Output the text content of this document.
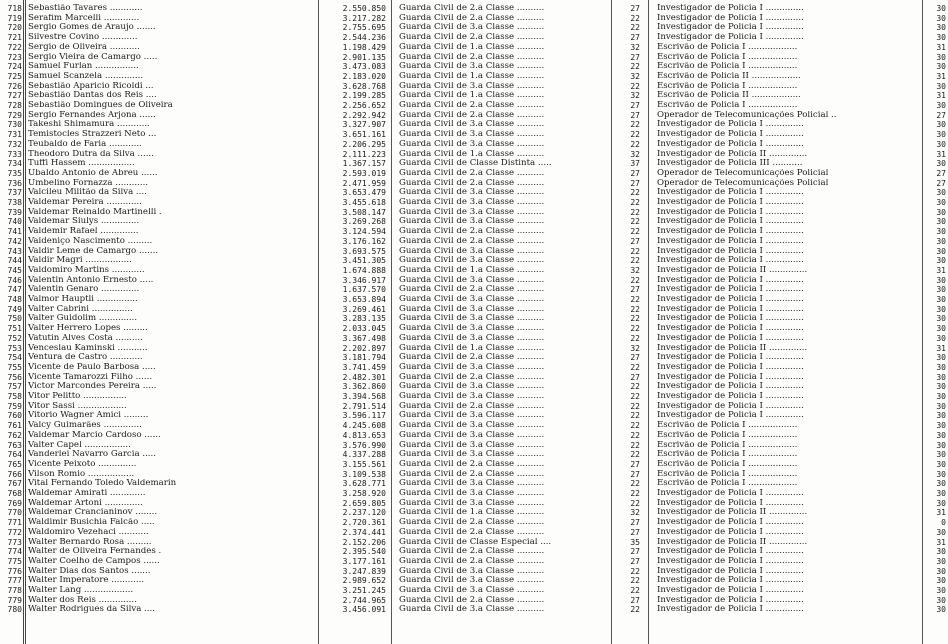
718 Sebastião Tavares ............	2.550.850 Guarda Civil de 2.a Classe ..........	27 Investigador de Polícia I ..............	30
719 Serafim Marcelli .............	3.217.282 Guarda Civil de 2.a Classe ..........	22 Investigador de Polícia I ..............	30
720 Sergio Gomes de Araujo .......	2.755.695 Guarda Civil de 3.a Classe ..........	22 Investigador de Polícia I ..............	30
721 Silvestre Covino .............	2.544.236 Guarda Civil de 2.a Classe ..........	27 Investigador de Polícia I ..............	30
722 Sergio de Oliveira ...........	1.198.429 Guarda Civil de 1.a Classe ..........	32 Escrivão de Polícia I ..................	31
723 Sergio Vieira de Camargo .....	2.901.135 Guarda Civil de 2.a Classe ..........	27 Escrivão de Polícia I ..................	30
724 Samuel Furlan ................	3.473.083 Guarda Civil de 3.a Classe ..........	22 Escrivão de Polícia I ..................	30
725 Samuel Scanzela ..............	2.183.020 Guarda Civil de 1.a Classe ..........	32 Escrivão de Polícia II ..................	31
726 Sebastião Aparicio Ricoldi ...	3.628.768 Guarda Civil de 3.a Classe ..........	22 Escrivão de Polícia I ..................	30
727 Sebastião Dantas dos Reis ....	2.199.285 Guarda Civil de 1.a Classe ..........	32 Escrivão de Polícia II ..................	31
728 Sebastião Domingues de Oliveira	2.256.652 Guarda Civil de 2.a Classe ..........	27 Escrivão de Polícia I ..................	30
729 Sergio Fernandes Arjona ......	2.292.942 Guarda Civil de 2.a Classe ..........	27 Operador de Telecomunicações Policial ..	27
730 Takeshi Shimamura ............	3.327.907 Guarda Civil de 3.a Classe ..........	22 Investigador de Polícia I ..............	30
731 Temistocles Strazzeri Neto ...	3.651.161 Guarda Civil de 3.a Classe ..........	22 Investigador de Polícia I ..............	30
732 Teubaldo de Faria ............	2.206.295 Guarda Civil de 3.a Classe ..........	22 Investigador de Polícia I ..............	30
733 Theodoro Dutra da Silva ......	2.111.223 Guarda Civil de 1.a Classe ..........	32 Investigador de Polícia II ..............	31
734 Tuffi Hassem .................	1.367.157 Guarda Civil de Classe Distinta .....	37 Investigador de Polícia III ...........	30
735 Ubaldo Antonio de Abreu ......	2.593.019 Guarda Civil de 2.a Classe ..........	27 Operador de Telecomunicações Policial	27
736 Umbelino Fornazza ............	2.471.959 Guarda Civil de 2.a Classe ..........	27 Operador de Telecomunicações Policial	27
737 Valcileu Militão da Silva ....	3.653.479 Guarda Civil de 3.a Classe ..........	22 Investigador de Polícia I ..............	30
738 Valdemar Pereira .............	3.455.618 Guarda Civil de 3.a Classe ..........	22 Investigador de Polícia I ..............	30
739 Valdemar Reinaldo Martinelli .	3.508.147 Guarda Civil de 3.a Classe ..........	22 Investigador de Polícia I ..............	30
740 Valdemar Siulys ..............	3.269.268 Guarda Civil de 3.a Classe ..........	22 Investigador de Polícia I ..............	30
741 Valdemir Rafael ..............	3.124.594 Guarda Civil de 2.a Classe ..........	22 Investigador de Polícia I ..............	30
742 Valdeniço Nascimento .........	3.176.162 Guarda Civil de 2.a Classe ..........	27 Investigador de Polícia I ..............	30
743 Valdir Leme de Camargo .......	3.693.575 Guarda Civil de 3.a Classe ..........	22 Investigador de Polícia I ..............	30
744 Valdir Magri .................	3.451.305 Guarda Civil de 3.a Classe ..........	22 Investigador de Polícia I ..............	30
745 Valdomiro Martins ............	1.674.888 Guarda Civil de 1.a Classe ..........	32 Investigador de Polícia II ..............	31
746 Valentin Antonio Ernesto .....	3.346.917 Guarda Civil de 3.a Classe ..........	22 Investigador de Polícia I ..............	30
747 Valentin Genaro ..............	1.637.570 Guarda Civil de 2.a Classe ..........	27 Investigador de Polícia I ..............	30
748 Valmor Hauptli ...............	3.653.894 Guarda Civil de 3.a Classe ..........	22 Investigador de Polícia I ..............	30
749 Valter Cabrini ...............	3.269.461 Guarda Civil de 3.a Classe ..........	22 Investigador de Polícia I ..............	30
750 Valter Guidolim ..............	3.283.135 Guarda Civil de 3.a Classe ..........	22 Investigador de Polícia I ..............	30
751 Valter Herrero Lopes .........	2.033.045 Guarda Civil de 3.a Classe ..........	22 Investigador de Polícia I ..............	30
752 Vatutin Alves Costa ..........	3.367.498 Guarda Civil de 3.a Classe ..........	22 Investigador de Polícia I ..............	30
753 Venceslau Kaminski ...........	2.202.897 Guarda Civil de 1.a Classe ..........	32 Investigador de Polícia II ..............	31
754 Ventura de Castro ............	3.181.794 Guarda Civil de 2.a Classe ..........	27 Investigador de Polícia I ..............	30
755 Vicente de Paulo Barbosa .....	3.741.459 Guarda Civil de 3.a Classe ..........	22 Investigador de Polícia I ..............	30
756 Vicente Tamarozzi Filho ......	2.482.301 Guarda Civil de 2.a Classe ..........	27 Investigador de Polícia I ..............	30
757 Victor Marcondes Pereira .....	3.362.860 Guarda Civil de 3.a Classe ..........	22 Investigador de Polícia I ..............	30
758 Vitor Pelitto ................	3.394.568 Guarda Civil de 3.a Classe ..........	22 Investigador de Polícia I ..............	30
759 Vitor Sassi ..................	2.791.514 Guarda Civil de 2.a Classe ..........	22 Investigador de Polícia I ..............	30
760 Vitorio Wagner Amici .........	3.596.117 Guarda Civil de 3.a Classe ..........	22 Investigador de Polícia I ..............	30
761 Valcy Guimarães ..............	4.245.608 Guarda Civil de 3.a Classe ..........	22 Escrivão de Polícia I ..................	30
762 Valdemar Marcio Cardoso ......	4.813.653 Guarda Civil de 3.a Classe ..........	22 Escrivão de Polícia I ..................	30
763 Valter Capel .................	3.576.990 Guarda Civil de 3.a Classe ..........	22 Escrivão de Polícia I ..................	30
764 Vanderlei Navarro Garcia .....	4.337.288 Guarda Civil de 3.a Classe ..........	22 Escrivão de Polícia I ..................	30
765 Vicente Peixoto ..............	3.155.561 Guarda Civil de 2.a Classe ..........	27 Escrivão de Polícia I ..................	30
766 Vilson Romio .................	3.109.538 Guarda Civil de 2.a Classe ..........	27 Escrivão de Polícia I ..................	30
767 Vital Fernando Toledo Valdemarin	3.628.771 Guarda Civil de 3.a Classe ..........	22 Escrivão de Polícia I ..................	30
768 Waldemar Amirati .............	3.258.920 Guarda Civil de 3.a Classe ..........	22 Investigador de Polícia I ..............	30
769 Waldemar Artoni ..............	2.659.805 Guarda Civil de 3.a Classe ..........	22 Investigador de Polícia I ..............	30
770 Waldemar Crancianinov ........	2.237.120 Guarda Civil de 1.a Classe ..........	32 Investigador de Polícia II ..............	31
771 Waldimir Busichia Falcão .....	2.720.361 Guarda Civil de 2.a Classe ..........	27 Investigador de Polícia I ..............	0
772 Waldomiro Vezehaci ...........	2.374.441 Guarda Civil de 2.a Classe ..........	27 Investigador de Polícia I ..............	30
773 Walter Bernardo Rosa .........	2.152.206 Guarda Civil de Classe Especial ....	35 Investigador de Polícia II ..............	31
774 Walter de Oliveira Fernandes .	2.395.540 Guarda Civil de 2.a Classe ..........	27 Investigador de Polícia I ..............	30
775 Walter Coelho de Campos ......	3.177.161 Guarda Civil de 2.a Classe ..........	27 Investigador de Polícia I ..............	30
776 Walter Dias dos Santos .......	3.247.839 Guarda Civil de 3.a Classe ..........	22 Investigador de Polícia I ..............	30
777 Walter Imperatore ............	2.989.652 Guarda Civil de 3.a Classe ..........	22 Investigador de Polícia I ..............	30
778 Walter Lang ..................	3.251.245 Guarda Civil de 3.a Classe ..........	22 Investigador de Polícia I ..............	30
779 Walter dos Reis ..............	2.744.965 Guarda Civil de 2.a Classe ..........	27 Investigador de Polícia I ..............	30
780 Walter Rodrigues da Silva ....	3.456.091 Guarda Civil de 3.a Classe ..........	22 Investigador de Polícia I ..............	30
